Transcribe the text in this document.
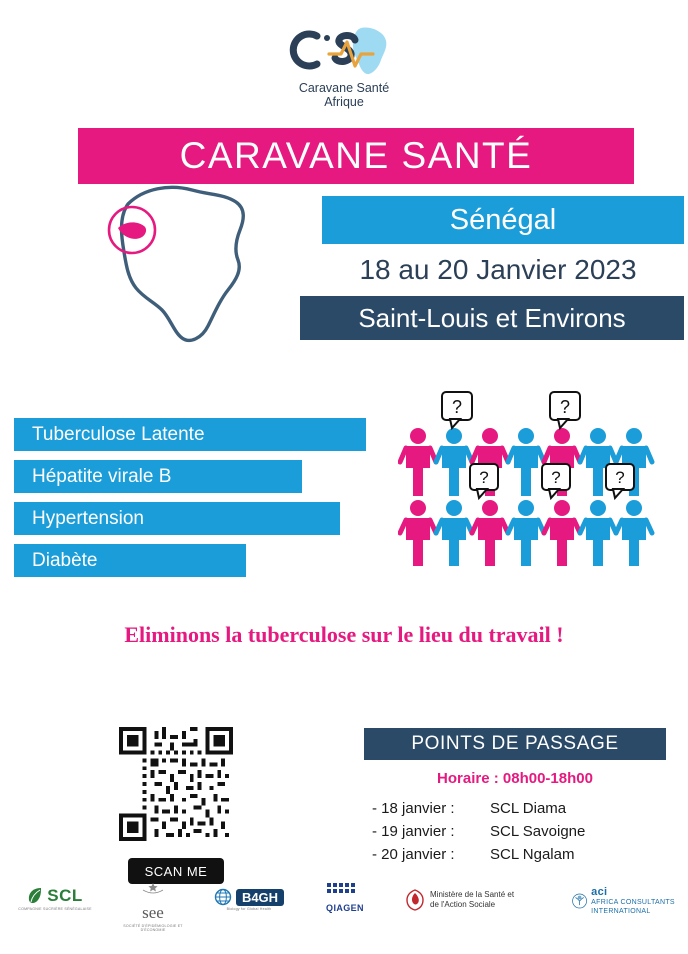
Caravane Santé
Afrique
CARAVANE SANTÉ
Sénégal
18 au 20 Janvier 2023
Saint-Louis et Environs
Tuberculose Latente
Hépatite virale B
Hypertension
Diabète
?	?
?	?	?
Eliminons la tuberculose sur le lieu du travail !
SCAN ME
POINTS DE PASSAGE
Horaire : 08h00-18h00
- 18 janvier :	SCL Diama
- 19 janvier :	SCL Savoigne
- 20 janvier :	SCL Ngalam
SCL
COMPAGNIE SUCRIÈRE SÉNÉGALAISE	see
SOCIÉTÉ D'ÉPIDÉMIOLOGIE ET D'ÉCONOMIE
B4GH
Biology for Global Health	QIAGEN
Ministère de la Santé et
de l'Action Sociale
aci
AFRICA CONSULTANTS INTERNATIONAL
